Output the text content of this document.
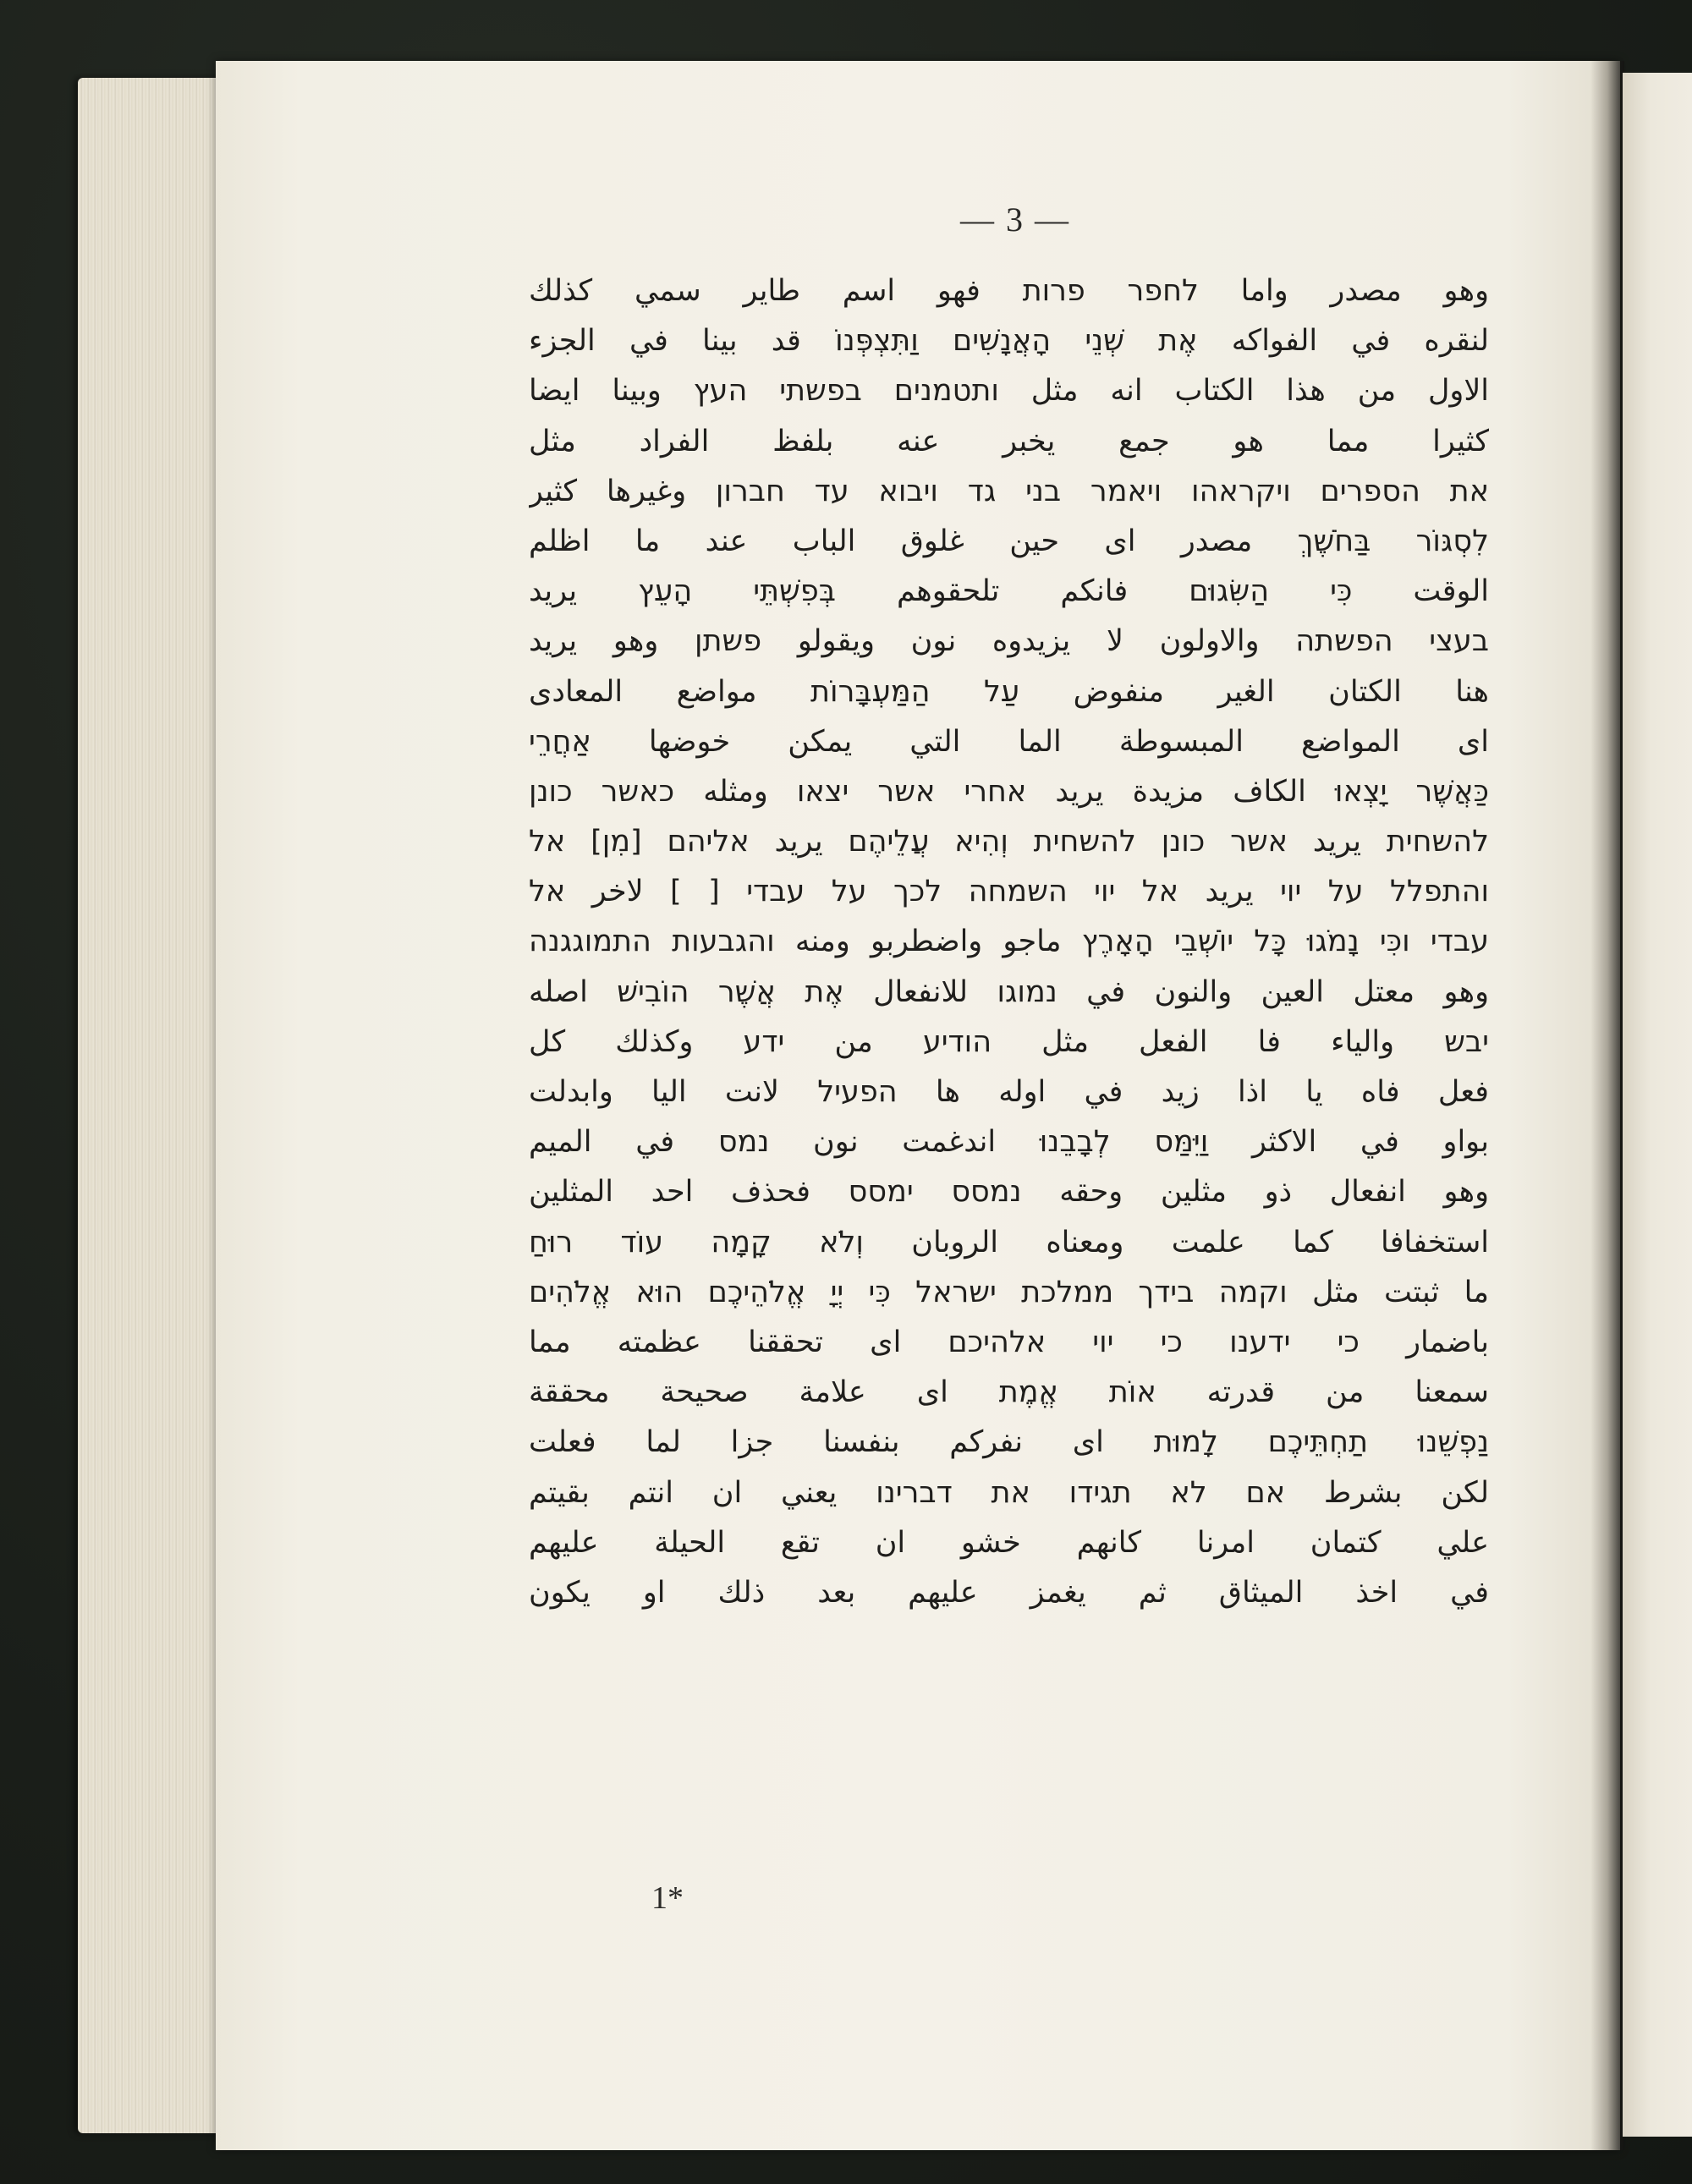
— 3 —
وهو مصدر واما לחפר פרות فهو اسم طاير سمي كذلك
لنقره في الفواكه אֶת שְׁנֵי הָאֲנָשִׁים וַתִּצְפְּנוֹ قد بينا في الجزء
الاول من هذا الكتاب انه مثل ותטמנים בפשתי העץ وبينا ايضا
كثيرا مما هو جمع يخبر عنه بلفظ الفراد مثل
את הספרים ויקראהו ויאמר בני גד ויבוא עד חברון وغيرها كثير
לִסְגּוֹר בַּחֹשֶׁךְ مصدر اى حين غلوق الباب عند ما اظلم
الوقت כִּי הַשִּׂגוּם فانكم تلحقوهم בְּפִשְׁתֵּי הָעֵץ يريد
בעצי הפשתה والاولون لا يزيدوه نون ويقولو פשתן وهو يريد
هنا الكتان الغير منفوض עַל הַמַּעְבָּרוֹת مواضع المعادى
اى المواضع المبسوطة الما التي يمكن خوضها אַחֲרֵי
כַּאֲשֶׁר יָצְאוּ الكاف مزيدة يريد אחרי אשר יצאו ومثله כאשר כונן
להשחית يريد אשר כונן להשחית וְהִיא עֲלֵיהֶם يريد אליהם [מִן] אל
והתפלל על יוי يريد אל יוי השמחה לכך על עבדי [ ] لاخر אל
עבדי וכִּי נָמֹגוּ כָּל יוֹשְׁבֵי הָאָרֶץ ماجو واضطربو ومنه והגבעות התמוגגנה
وهو معتل العين والنون في נמוגו للانفعال אֶת אֲשֶׁר הוֹבִישׁ اصله
יבש والياء فا الفعل مثل הודיע من ידע وكذلك كل
فعل فاه يا اذا زيد في اوله ها הפעיל لانت اليا وابدلت
بواو في الاكثر וַיִּמַּס לְבָבֵנוּ اندغمت نون נמס في الميم
وهو انفعال ذو مثلين وحقه נמסס ימסס فحذف احد المثلين
استخفافا كما علمت ومعناه الروبان וְלֹא קָמָה עוֹד רוּחַ
ما ثبتت مثل וקמה בידך ממלכת ישראל כִּי יְיָ אֱלֹהֵיכֶם הוּא אֱלֹהִים
باضمار כי ידענו כי יוי אלהיכם اى تحققنا عظمته مما
سمعنا من قدرته אוֹת אֱמֶת اى علامة صحيحة محققة
נַפְשֵׁנוּ תַחְתֵּיכֶם לָמוּת اى نفركم بنفسنا جزا لما فعلت
لكن بشرط אם לא תגידו את דברינו يعني ان انتم بقيتم
علي كتمان امرنا كانهم خشو ان تقع الحيلة عليهم
في اخذ الميثاق ثم يغمز عليهم بعد ذلك او يكون
1*
